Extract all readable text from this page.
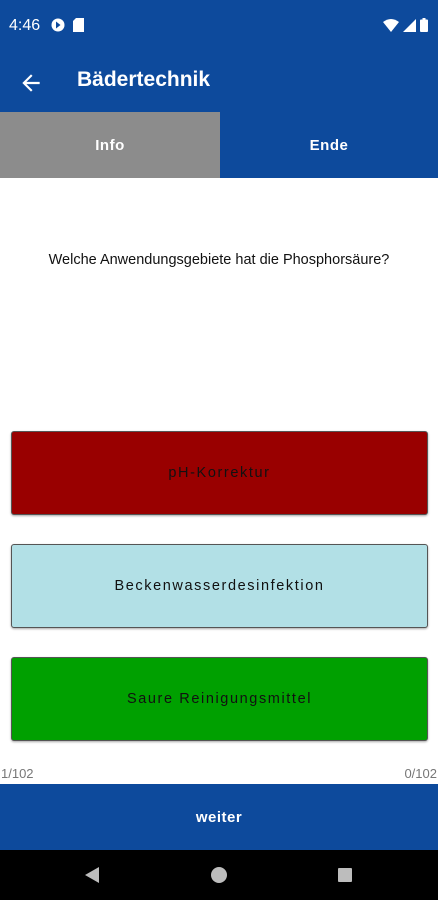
4:46
Bädertechnik
Info	Ende
Welche Anwendungsgebiete hat die Phosphorsäure?
pH-Korrektur
Beckenwasserdesinfektion
Saure Reinigungsmittel
1/102	0/102
weiter
